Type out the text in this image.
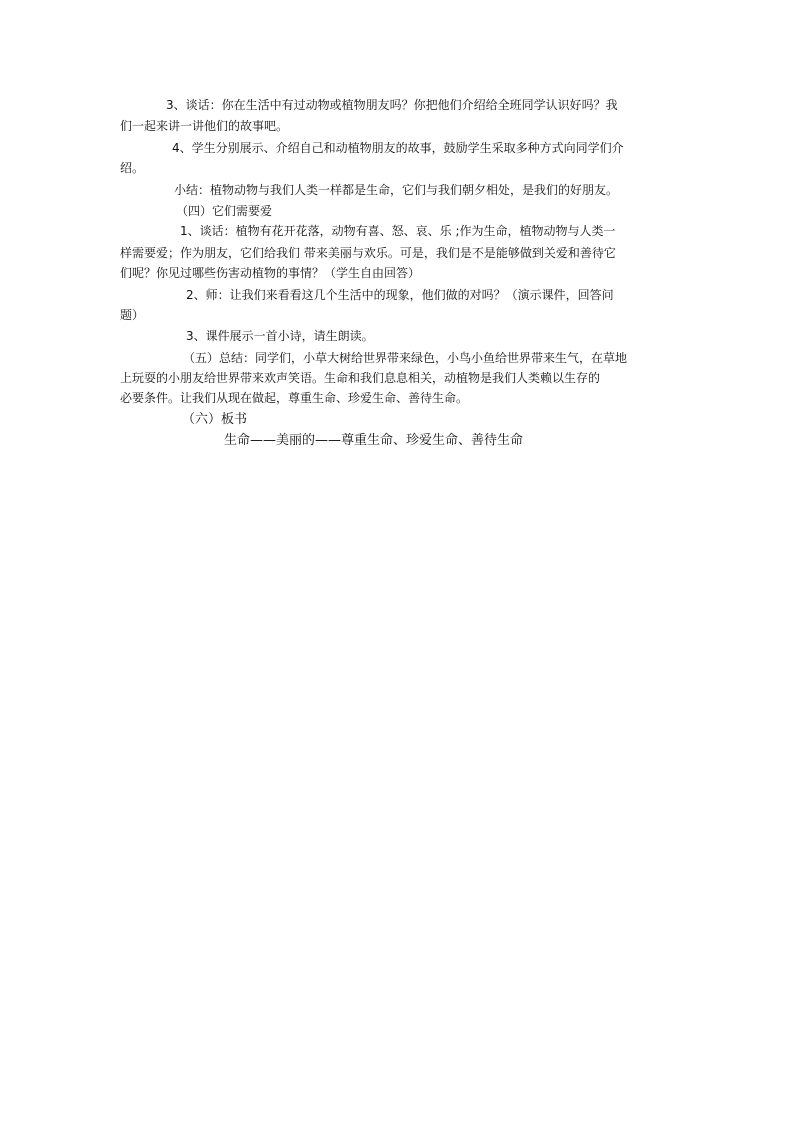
3、谈话：你在生活中有过动物或植物朋友吗？你把他们介绍给全班同学认识好吗？我

们一起来讲一讲他们的故事吧。

4、学生分别展示、介绍自己和动植物朋友的故事，鼓励学生采取多种方式向同学们介

绍。

小结：植物动物与我们人类一样都是生命，它们与我们朝夕相处，是我们的好朋友。

（四）它们需要爱

1、谈话：植物有花开花落，动物有喜、怒、哀、乐 ;作为生命，植物动物与人类一

样需要爱；作为朋友，它们给我们 带来美丽与欢乐。可是，我们是不是能够做到关爱和善待它

们呢？你见过哪些伤害动植物的事情？（学生自由回答）

2、师：让我们来看看这几个生活中的现象，他们做的对吗？（演示课件，回答问

题）

3、课件展示一首小诗，请生朗读。

（五）总结：同学们，小草大树给世界带来绿色，小鸟小鱼给世界带来生气，在草地

上玩耍的小朋友给世界带来欢声笑语。生命和我们息息相关，动植物是我们人类赖以生存的

必要条件。让我们从现在做起，尊重生命、珍爱生命、善待生命。

（六）板书

生命——美丽的——尊重生命、珍爱生命、善待生命
